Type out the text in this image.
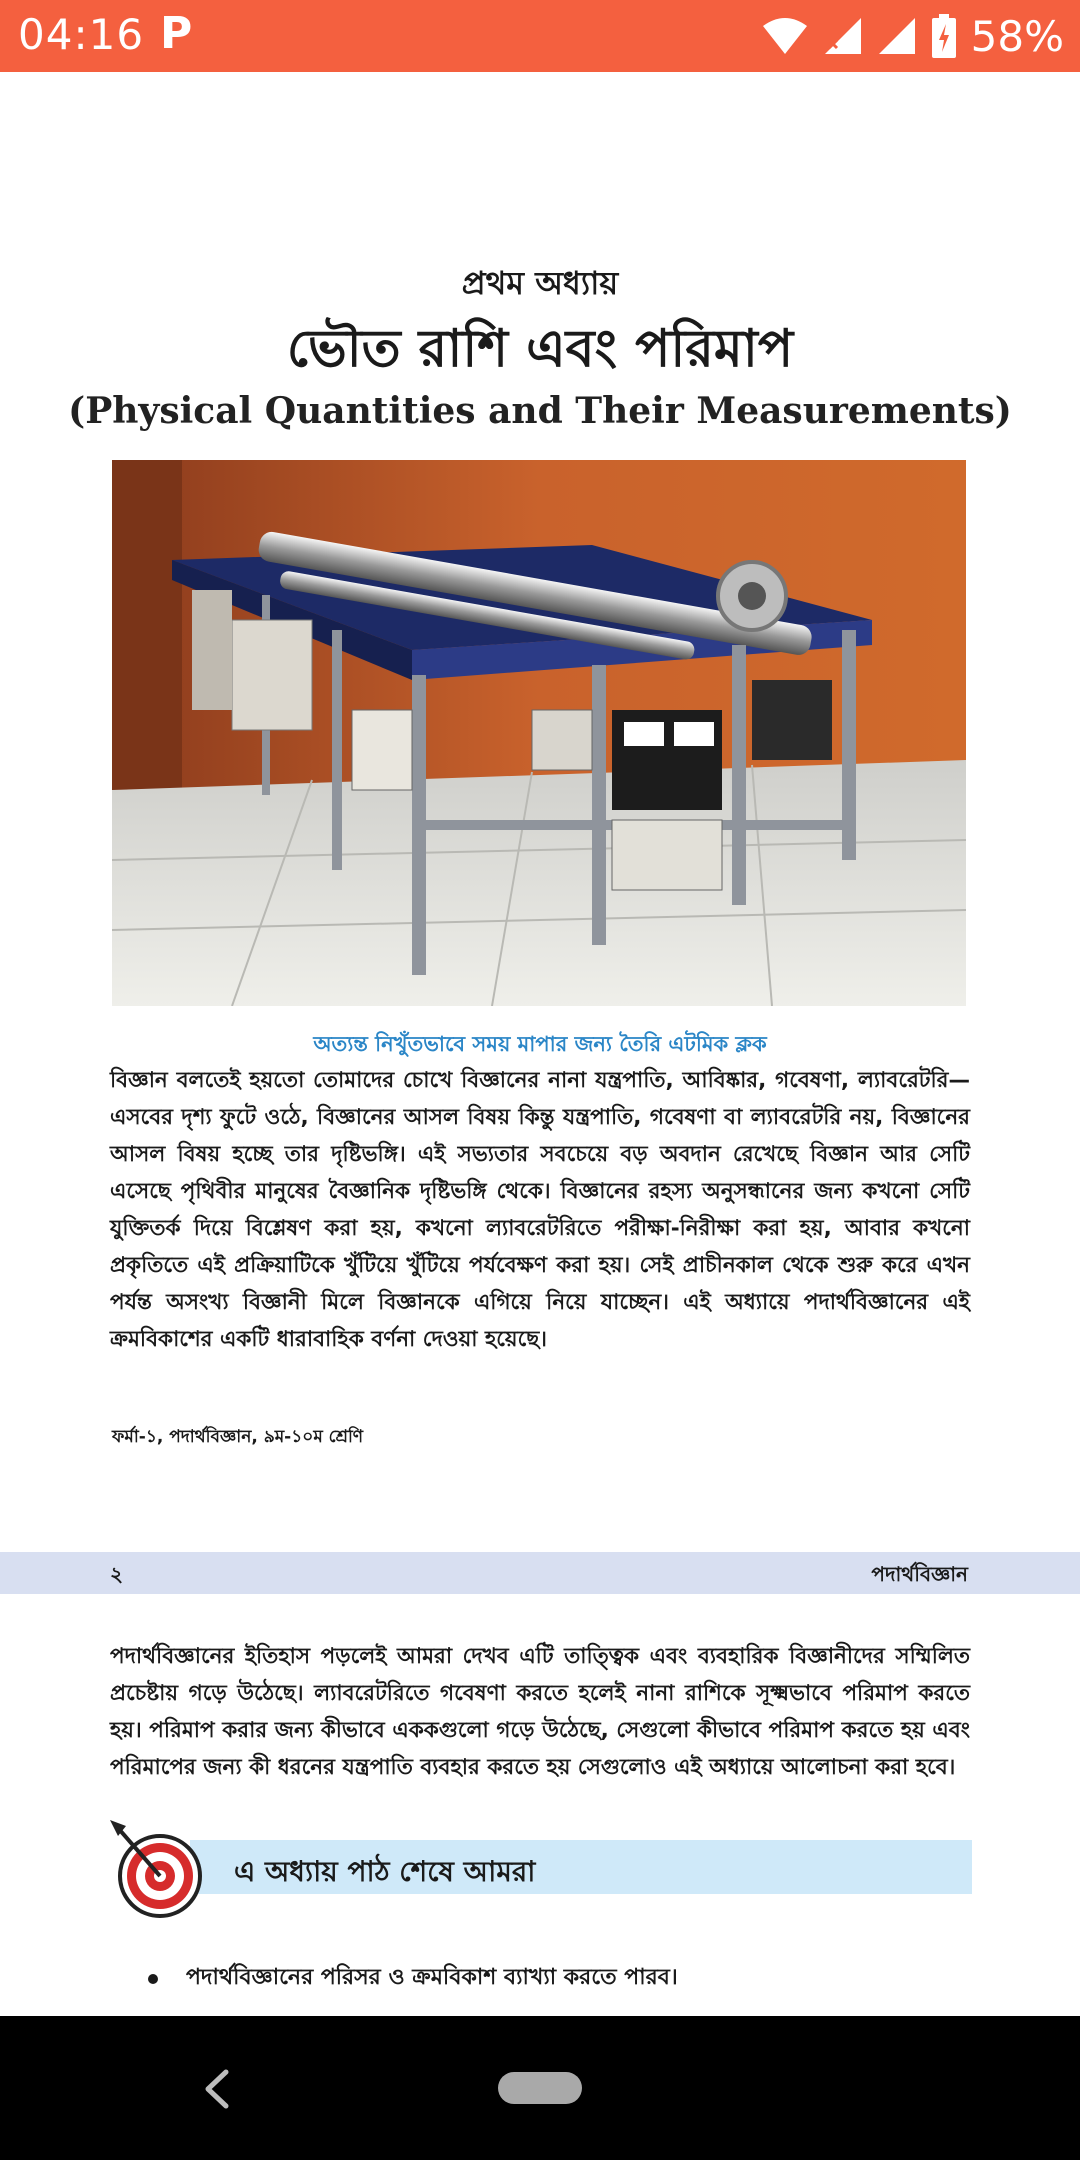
04:16 P	58%
প্রথম অধ্যায়
ভৌত রাশি এবং পরিমাপ
(Physical Quantities and Their Measurements)
অত্যন্ত নিখুঁতভাবে সময় মাপার জন্য তৈরি এটমিক ক্লক
বিজ্ঞান বলতেই হয়তো তোমাদের চোখে বিজ্ঞানের নানা যন্ত্রপাতি, আবিষ্কার, গবেষণা, ল্যাবরেটরি— এসবের দৃশ্য ফুটে ওঠে, বিজ্ঞানের আসল বিষয় কিন্তু যন্ত্রপাতি, গবেষণা বা ল্যাবরেটরি নয়, বিজ্ঞানের আসল বিষয় হচ্ছে তার দৃষ্টিভঙ্গি। এই সভ্যতার সবচেয়ে বড় অবদান রেখেছে বিজ্ঞান আর সেটি এসেছে পৃথিবীর মানুষের বৈজ্ঞানিক দৃষ্টিভঙ্গি থেকে। বিজ্ঞানের রহস্য অনুসন্ধানের জন্য কখনো সেটি যুক্তিতর্ক দিয়ে বিশ্লেষণ করা হয়, কখনো ল্যাবরেটরিতে পরীক্ষা-নিরীক্ষা করা হয়, আবার কখনো প্রকৃতিতে এই প্রক্রিয়াটিকে খুঁটিয়ে খুঁটিয়ে পর্যবেক্ষণ করা হয়। সেই প্রাচীনকাল থেকে শুরু করে এখন পর্যন্ত অসংখ্য বিজ্ঞানী মিলে বিজ্ঞানকে এগিয়ে নিয়ে যাচ্ছেন। এই অধ্যায়ে পদার্থবিজ্ঞানের এই ক্রমবিকাশের একটি ধারাবাহিক বর্ণনা দেওয়া হয়েছে।
ফর্মা-১, পদার্থবিজ্ঞান, ৯ম-১০ম শ্রেণি
২	পদার্থবিজ্ঞান
পদার্থবিজ্ঞানের ইতিহাস পড়লেই আমরা দেখব এটি তাত্ত্বিক এবং ব্যবহারিক বিজ্ঞানীদের সম্মিলিত প্রচেষ্টায় গড়ে উঠেছে। ল্যাবরেটরিতে গবেষণা করতে হলেই নানা রাশিকে সূক্ষ্মভাবে পরিমাপ করতে হয়। পরিমাপ করার জন্য কীভাবে এককগুলো গড়ে উঠেছে, সেগুলো কীভাবে পরিমাপ করতে হয় এবং পরিমাপের জন্য কী ধরনের যন্ত্রপাতি ব্যবহার করতে হয় সেগুলোও এই অধ্যায়ে আলোচনা করা হবে।
এ অধ্যায় পাঠ শেষে আমরা
পদার্থবিজ্ঞানের পরিসর ও ক্রমবিকাশ ব্যাখ্যা করতে পারব।
